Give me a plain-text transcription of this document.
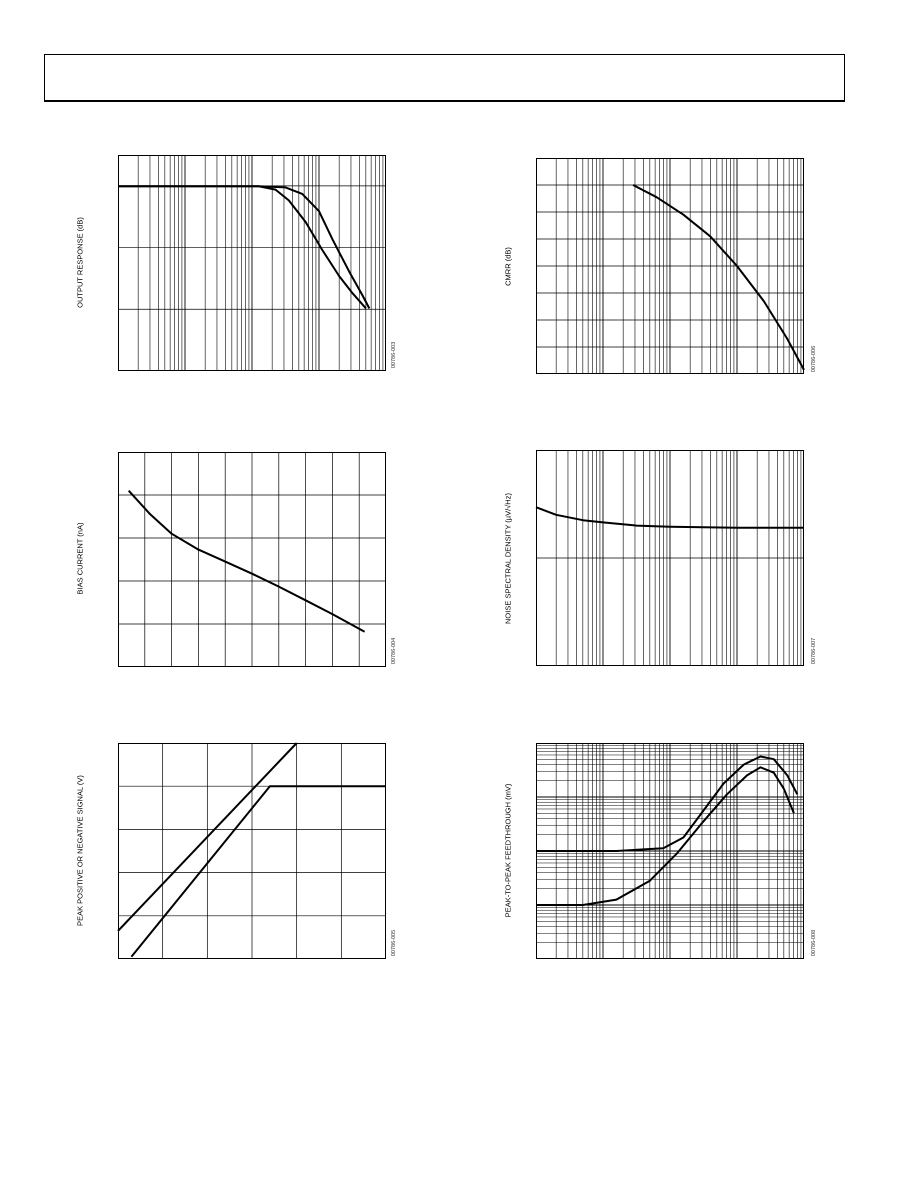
OUTPUT RESPONSE (dB)
00786-003
CMRR (dB)
00786-006
BIAS CURRENT (nA)
00786-004
NOISE SPECTRAL DENSITY (µV/√Hz)
00786-007
PEAK POSITIVE OR NEGATIVE SIGNAL (V)
00786-005
PEAK-TO-PEAK FEEDTHROUGH (mV)
00786-008
